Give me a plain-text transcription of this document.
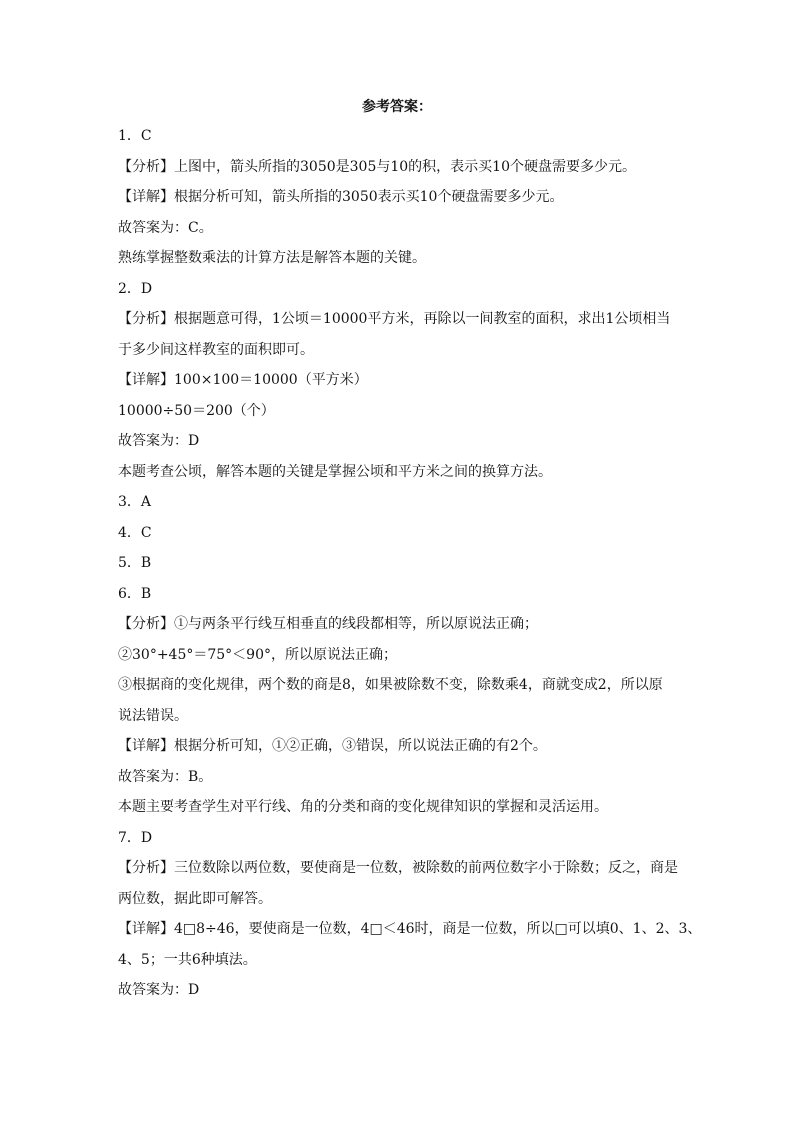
参考答案：
1．C
【分析】上图中，箭头所指的3050是305与10的积，表示买10个硬盘需要多少元。
【详解】根据分析可知，箭头所指的3050表示买10个硬盘需要多少元。
故答案为：C。
熟练掌握整数乘法的计算方法是解答本题的关键。
2．D
【分析】根据题意可得，1公顷＝10000平方米，再除以一间教室的面积，求出1公顷相当
于多少间这样教室的面积即可。
【详解】100×100＝10000（平方米）
10000÷50＝200（个）
故答案为：D
本题考查公顷，解答本题的关键是掌握公顷和平方米之间的换算方法。
3．A
4．C
5．B
6．B
【分析】①与两条平行线互相垂直的线段都相等，所以原说法正确；
②30°+45°＝75°＜90°，所以原说法正确；
③根据商的变化规律，两个数的商是8，如果被除数不变，除数乘4，商就变成2，所以原
说法错误。
【详解】根据分析可知，①②正确，③错误，所以说法正确的有2个。
故答案为：B。
本题主要考查学生对平行线、角的分类和商的变化规律知识的掌握和灵活运用。
7．D
【分析】三位数除以两位数，要使商是一位数，被除数的前两位数字小于除数；反之，商是
两位数，据此即可解答。
【详解】4□8÷46，要使商是一位数，4□＜46时，商是一位数，所以□可以填0、1、2、3、
4、5；一共6种填法。
故答案为：D
